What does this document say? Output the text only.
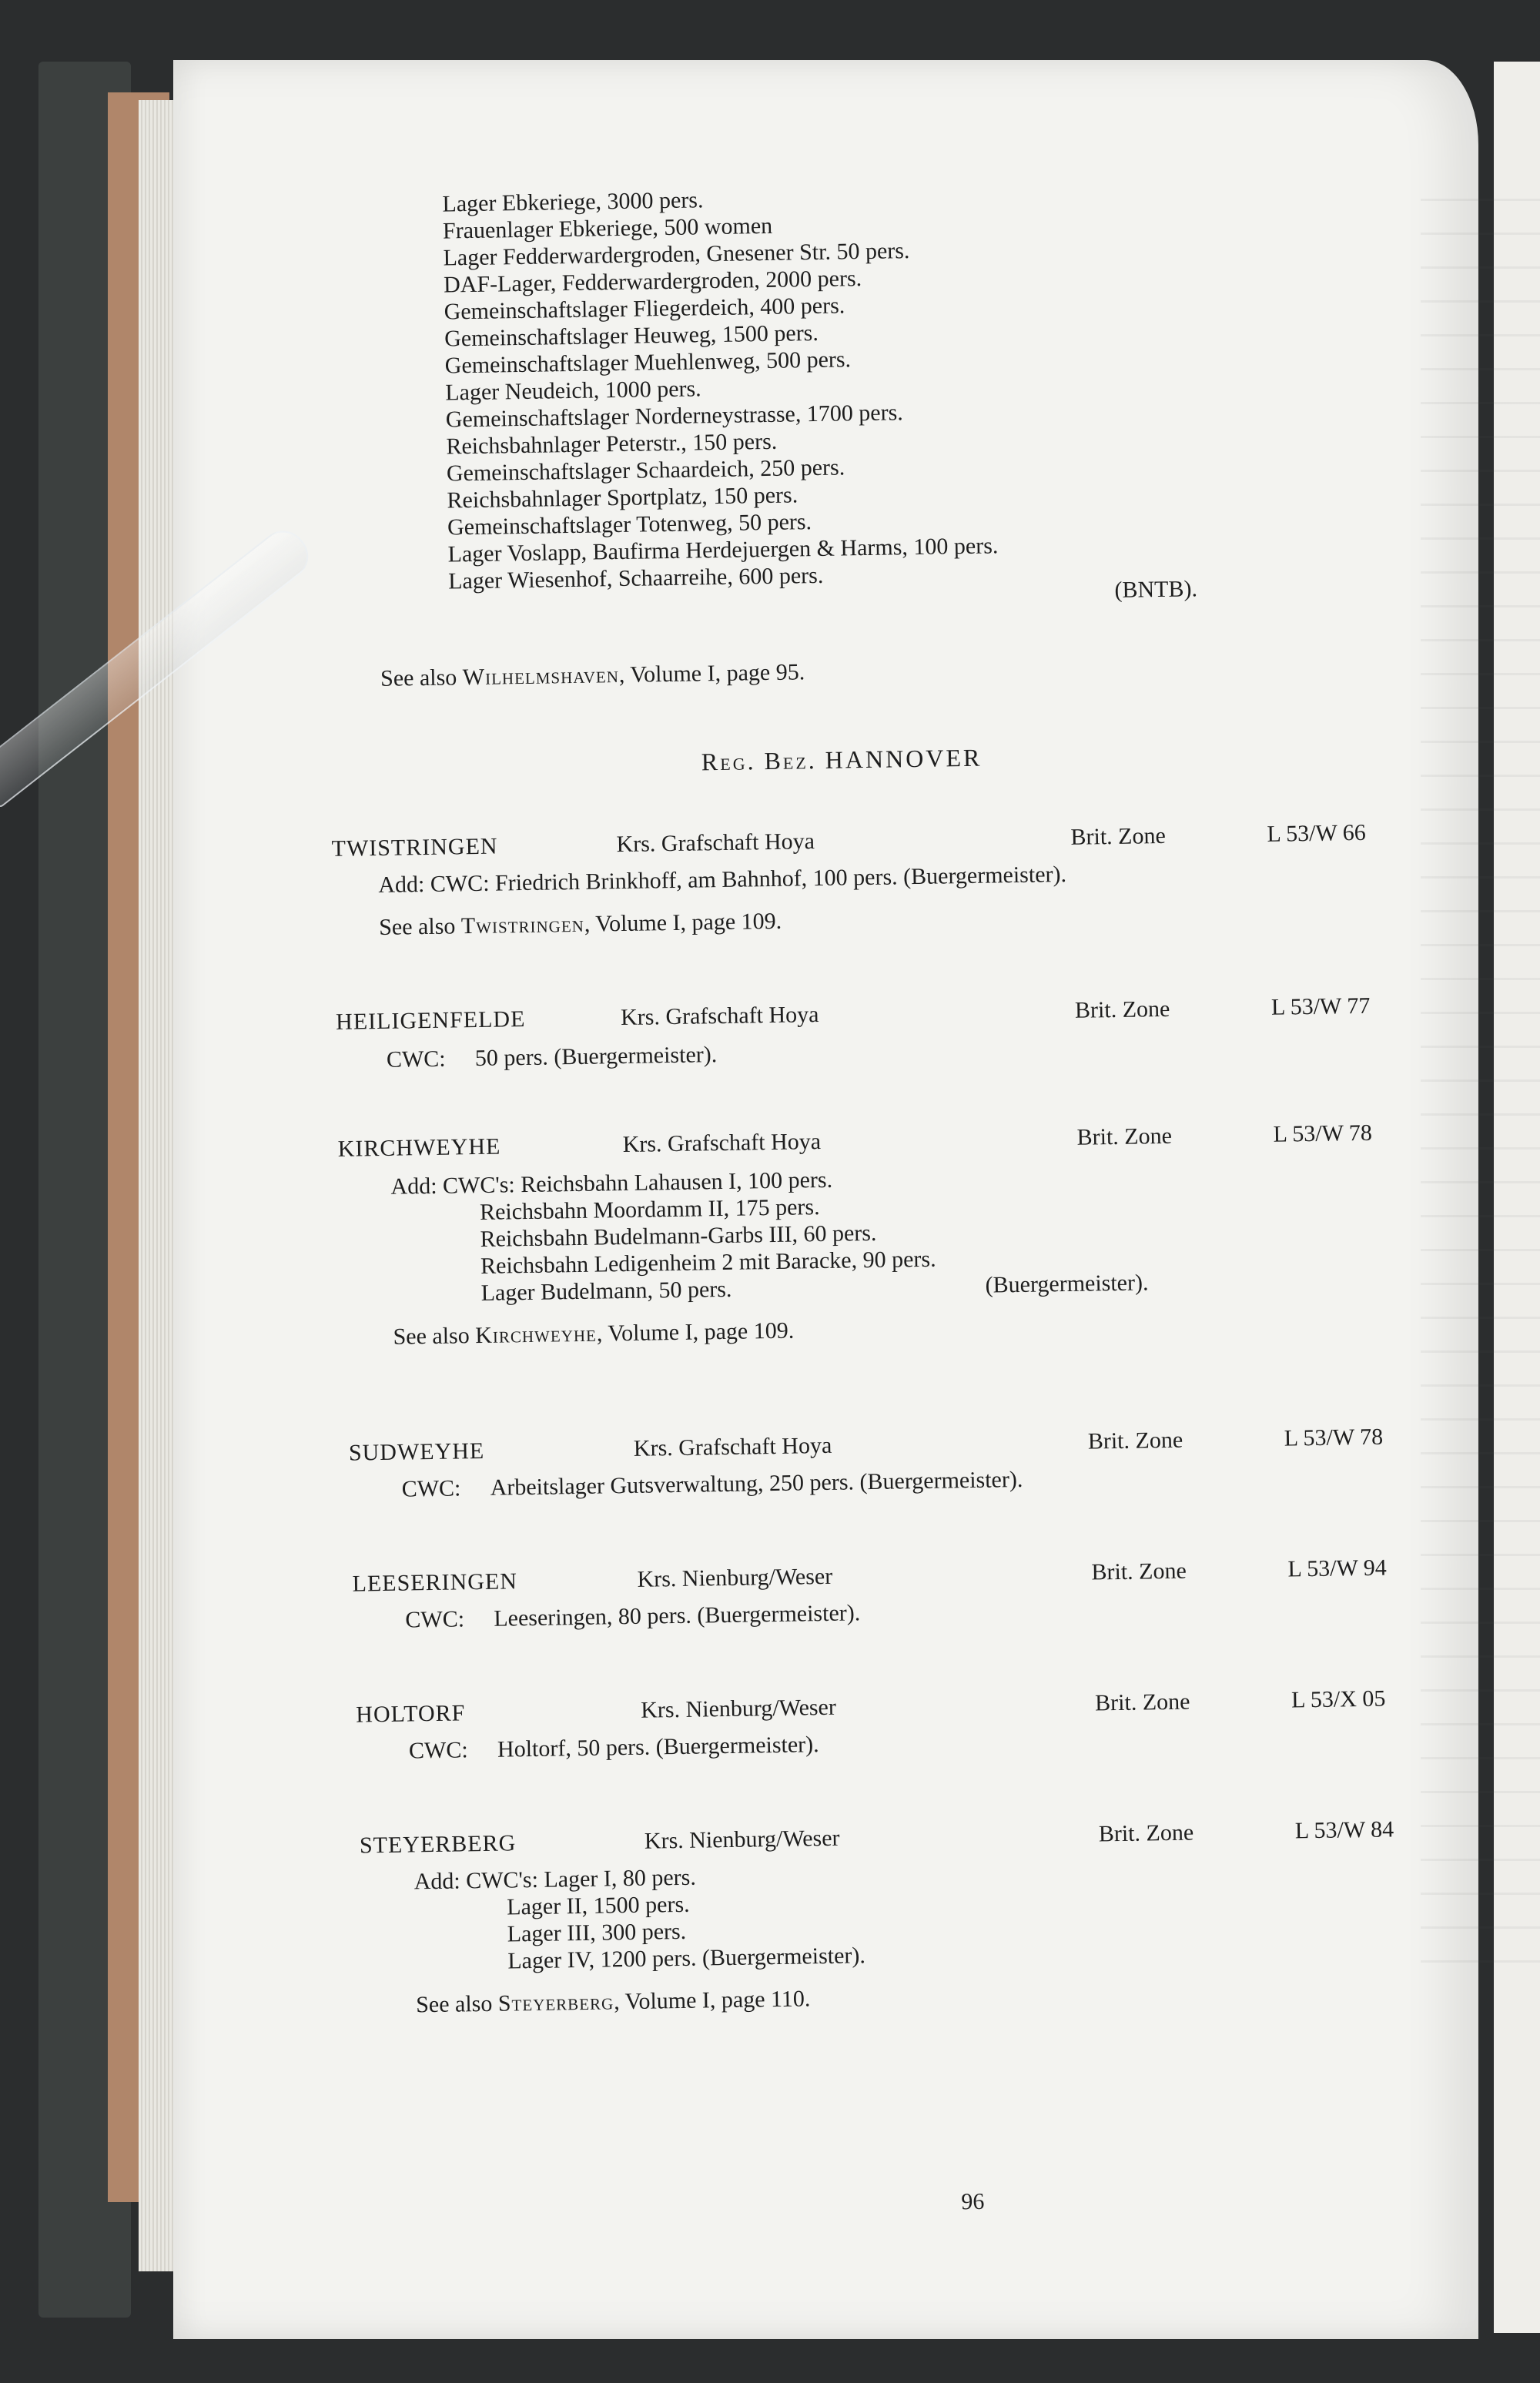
Lager Ebkeriege, 3000 pers.
Frauenlager Ebkeriege, 500 women
Lager Fedderwardergroden, Gnesener Str. 50 pers.
DAF-Lager, Fedderwardergroden, 2000 pers.
Gemeinschaftslager Fliegerdeich, 400 pers.
Gemeinschaftslager Heuweg, 1500 pers.
Gemeinschaftslager Muehlenweg, 500 pers.
Lager Neudeich, 1000 pers.
Gemeinschaftslager Norderneystrasse, 1700 pers.
Reichsbahnlager Peterstr., 150 pers.
Gemeinschaftslager Schaardeich, 250 pers.
Reichsbahnlager Sportplatz, 150 pers.
Gemeinschaftslager Totenweg, 50 pers.
Lager Voslapp, Baufirma Herdejuergen & Harms, 100 pers.
Lager Wiesenhof, Schaarreihe, 600 pers.	(BNTB).
See also Wilhelmshaven, Volume I, page 95.
Reg. Bez. HANNOVER
TWISTRINGEN	Krs. Grafschaft Hoya	Brit. Zone	L 53/W 66
Add: CWC: Friedrich Brinkhoff, am Bahnhof, 100 pers. (Buergermeister).
See also Twistringen, Volume I, page 109.
HEILIGENFELDE	Krs. Grafschaft Hoya	Brit. Zone	L 53/W 77
CWC: 50 pers. (Buergermeister).
KIRCHWEYHE	Krs. Grafschaft Hoya	Brit. Zone	L 53/W 78
Add: CWC's: Reichsbahn Lahausen I, 100 pers.
Reichsbahn Moordamm II, 175 pers.
Reichsbahn Budelmann-Garbs III, 60 pers.
Reichsbahn Ledigenheim 2 mit Baracke, 90 pers.
Lager Budelmann, 50 pers.	(Buergermeister).
See also Kirchweyhe, Volume I, page 109.
SUDWEYHE	Krs. Grafschaft Hoya	Brit. Zone	L 53/W 78
CWC: Arbeitslager Gutsverwaltung, 250 pers. (Buergermeister).
LEESERINGEN	Krs. Nienburg/Weser	Brit. Zone	L 53/W 94
CWC: Leeseringen, 80 pers. (Buergermeister).
HOLTORF	Krs. Nienburg/Weser	Brit. Zone	L 53/X 05
CWC: Holtorf, 50 pers. (Buergermeister).
STEYERBERG	Krs. Nienburg/Weser	Brit. Zone	L 53/W 84
Add: CWC's: Lager I, 80 pers.
Lager II, 1500 pers.
Lager III, 300 pers.
Lager IV, 1200 pers. (Buergermeister).
See also Steyerberg, Volume I, page 110.
96
